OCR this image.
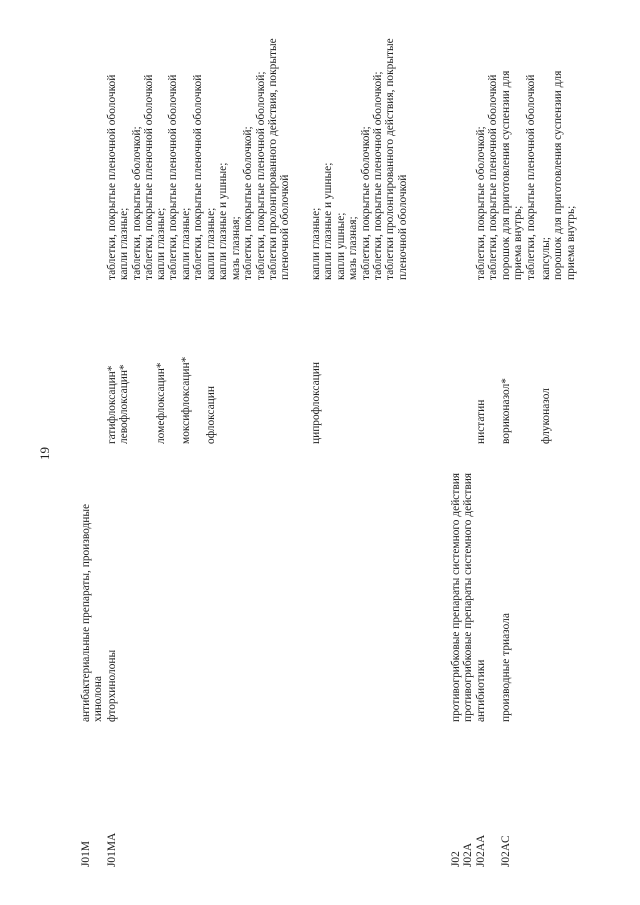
19
J01M
антибактериальные препараты, производные хинолона
J01MA
фторхинолоны
гатифлоксацин* левофлоксацин*
таблетки, покрытые пленочной оболочкой капли глазные; таблетки, покрытые оболочкой; таблетки, покрытые пленочной оболочкой
ломефлоксацин*
капли глазные; таблетки, покрытые пленочной оболочкой
моксифлоксацин*
капли глазные; таблетки, покрытые пленочной оболочкой
офлоксацин
капли глазные; капли глазные и ушные; мазь глазная; таблетки, покрытые оболочкой; таблетки, покрытые пленочной оболочкой; таблетки пролонгированного действия, покрытые пленочной оболочкой
ципрофлоксацин
капли глазные; капли глазные и ушные; капли ушные; мазь глазная; таблетки, покрытые оболочкой; таблетки, покрытые пленочной оболочкой; таблетки пролонгированного действия, покрытые пленочной оболочкой
J02
противогрибковые препараты системного действия
J02A
противогрибковые препараты системного действия
J02AA
антибиотики
нистатин
таблетки, покрытые оболочкой; таблетки, покрытые пленочной оболочкой
J02AC
производные триазола
вориконазол*
порошок для приготовления суспензии для приема внутрь; таблетки, покрытые пленочной оболочкой
флуконазол
капсулы; порошок для приготовления суспензии для приема внутрь;
